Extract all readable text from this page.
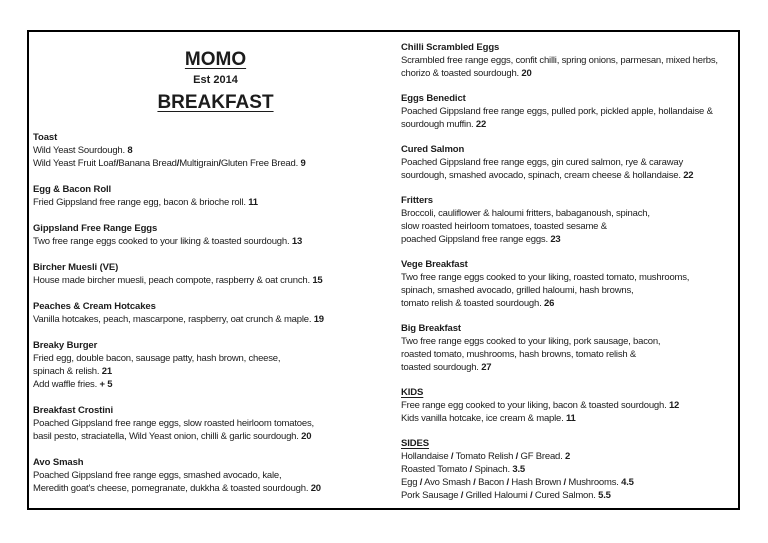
MOMO
Est 2014
BREAKFAST
Toast
Wild Yeast Sourdough. 8
Wild Yeast Fruit Loaf/Banana Bread/Multigrain/Gluten Free Bread. 9
Egg & Bacon Roll
Fried Gippsland free range egg, bacon & brioche roll. 11
Gippsland Free Range Eggs
Two free range eggs cooked to your liking & toasted sourdough. 13
Bircher Muesli (VE)
House made bircher muesli, peach compote, raspberry & oat crunch. 15
Peaches & Cream Hotcakes
Vanilla hotcakes, peach, mascarpone, raspberry, oat crunch & maple. 19
Breaky Burger
Fried egg, double bacon, sausage patty, hash brown, cheese,
spinach & relish. 21
Add waffle fries. + 5
Breakfast Crostini
Poached Gippsland free range eggs, slow roasted heirloom tomatoes,
basil pesto, straciatella, Wild Yeast onion, chilli & garlic sourdough. 20
Avo Smash
Poached Gippsland free range eggs, smashed avocado, kale,
Meredith goat's cheese, pomegranate, dukkha & toasted sourdough. 20
Chilli Scrambled Eggs
Scrambled free range eggs, confit chilli, spring onions, parmesan, mixed herbs,
chorizo & toasted sourdough. 20
Eggs Benedict
Poached Gippsland free range eggs, pulled pork, pickled apple, hollandaise &
sourdough muffin. 22
Cured Salmon
Poached Gippsland free range eggs, gin cured salmon, rye & caraway
sourdough, smashed avocado, spinach, cream cheese & hollandaise. 22
Fritters
Broccoli, cauliflower & haloumi fritters, babaganoush, spinach,
slow roasted heirloom tomatoes, toasted sesame &
poached Gippsland free range eggs. 23
Vege Breakfast
Two free range eggs cooked to your liking, roasted tomato, mushrooms,
spinach, smashed avocado, grilled haloumi, hash browns,
tomato relish & toasted sourdough. 26
Big Breakfast
Two free range eggs cooked to your liking, pork sausage, bacon,
roasted tomato, mushrooms, hash browns, tomato relish &
toasted sourdough. 27
KIDS
Free range egg cooked to your liking, bacon & toasted sourdough. 12
Kids vanilla hotcake, ice cream & maple. 11
SIDES
Hollandaise / Tomato Relish / GF Bread. 2
Roasted Tomato / Spinach. 3.5
Egg / Avo Smash / Bacon / Hash Brown / Mushrooms. 4.5
Pork Sausage / Grilled Haloumi / Cured Salmon. 5.5
